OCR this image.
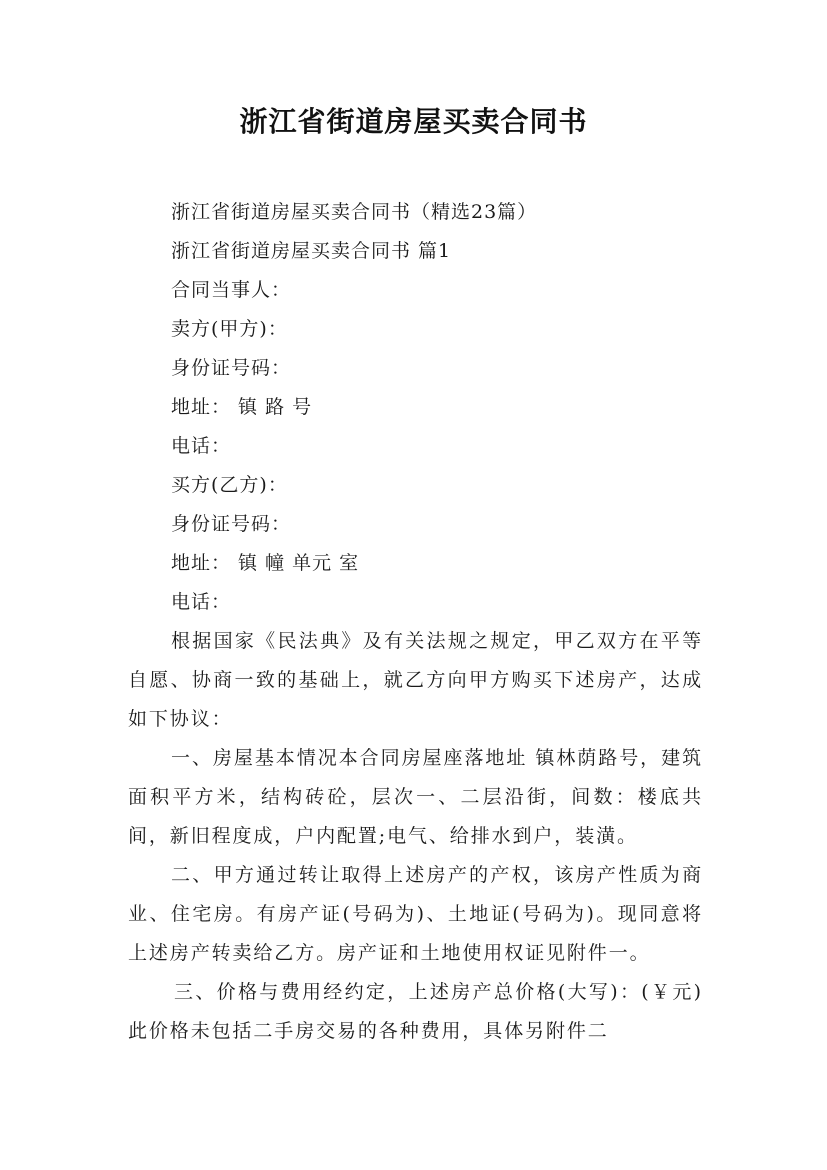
浙江省街道房屋买卖合同书
浙江省街道房屋买卖合同书（精选23篇）
浙江省街道房屋买卖合同书 篇1
合同当事人：
卖方(甲方)：
身份证号码：
地址： 镇 路 号
电话：
买方(乙方)：
身份证号码：
地址： 镇 幢 单元 室
电话：
根据国家《民法典》及有关法规之规定，甲乙双方在平等自愿、协商一致的基础上，就乙方向甲方购买下述房产，达成如下协议：
一、房屋基本情况本合同房屋座落地址 镇林荫路号，建筑面积平方米，结构砖砼，层次一、二层沿街，间数：楼底共间，新旧程度成，户内配置;电气、给排水到户，装潢。
二、甲方通过转让取得上述房产的产权，该房产性质为商业、住宅房。有房产证(号码为)、土地证(号码为)。现同意将上述房产转卖给乙方。房产证和土地使用权证见附件一。
三、价格与费用经约定，上述房产总价格(大写)：(￥元)此价格未包括二手房交易的各种费用，具体另附件二
